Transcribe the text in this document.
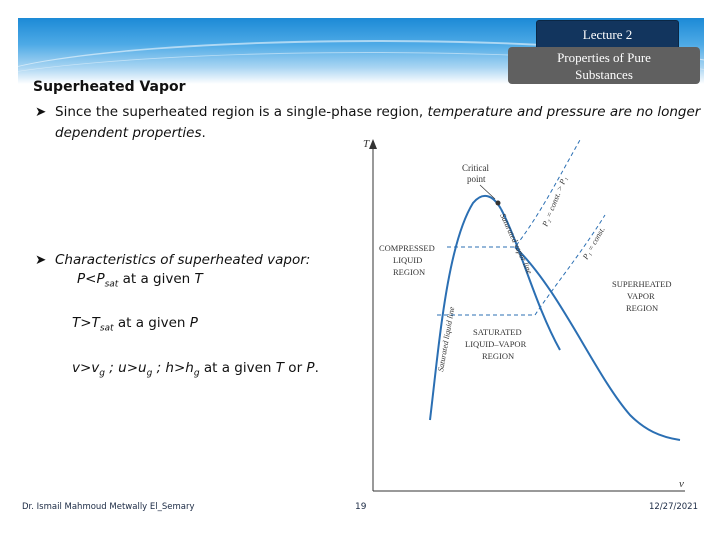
Lecture 2
Properties of Pure
Substances
Superheated Vapor
➤ Since the superheated region is a single-phase region, temperature and pressure are no longer dependent properties.
➤ Characteristics of superheated vapor:
$P<P_{sat}$ at a given T
$T>T_{sat}$ at a given P
$v>v_g$ ; $u>u_g$ ; $h>h_g$ at a given T or P.
T
v
Critical
point
COMPRESSED
LIQUID
REGION
SUPERHEATED
VAPOR
REGION
SATURATED
LIQUID–VAPOR
REGION
Saturated liquid line
Saturated vapor line
P₂ = const. > P₁
P₁ = const.
Dr. Ismail Mahmoud Metwally El_Semary	19	12/27/2021
